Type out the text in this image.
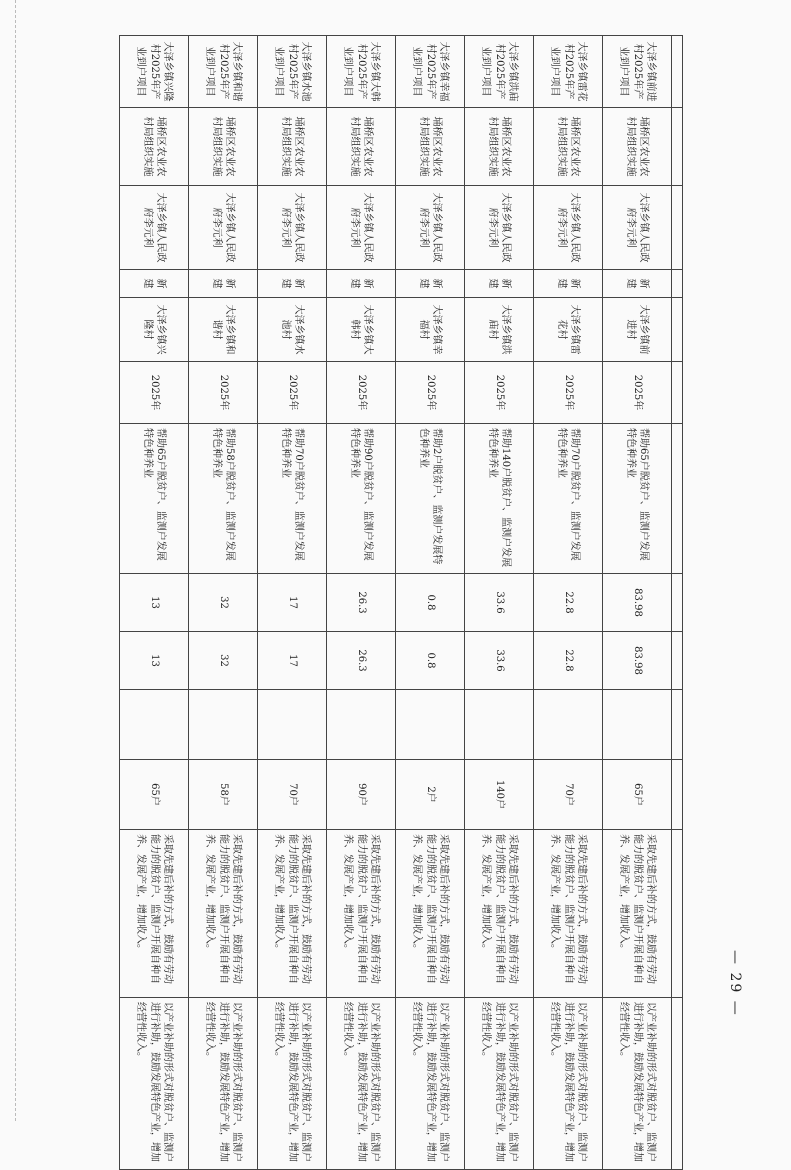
— 29 —

大泽乡镇前进村2025年产业到户项目	埇桥区农业农村局组织实施	大泽乡镇人民政府李元利	新建	大泽乡镇前进村	2025年	帮助65户脱贫户、监测户发展特色种养业	83.98	83.98		65户	采取先建后补的方式，鼓励有劳动能力的脱贫户、监测户开展自种自养、发展产业，增加收入。	以产业补助的形式对脱贫户、监测户进行补助，鼓励发展特色产业，增加经营性收入。
大泽乡镇雷花村2025年产业到户项目	埇桥区农业农村局组织实施	大泽乡镇人民政府李元利	新建	大泽乡镇雷花村	2025年	帮助70户脱贫户、监测户发展特色种养业	22.8	22.8		70户	采取先建后补的方式，鼓励有劳动能力的脱贫户、监测户开展自种自养、发展产业，增加收入。	以产业补助的形式对脱贫户、监测户进行补助，鼓励发展特色产业，增加经营性收入。
大泽乡镇洪庙村2025年产业到户项目	埇桥区农业农村局组织实施	大泽乡镇人民政府李元利	新建	大泽乡镇洪庙村	2025年	帮助140户脱贫户、监测户发展特色种养业	33.6	33.6		140户	采取先建后补的方式，鼓励有劳动能力的脱贫户、监测户开展自种自养、发展产业，增加收入。	以产业补助的形式对脱贫户、监测户进行补助，鼓励发展特色产业，增加经营性收入。
大泽乡镇幸福村2025年产业到户项目	埇桥区农业农村局组织实施	大泽乡镇人民政府李元利	新建	大泽乡镇幸福村	2025年	帮助2户脱贫户、监测户发展特色种养业	0.8	0.8		2户	采取先建后补的方式，鼓励有劳动能力的脱贫户、监测户开展自种自养、发展产业，增加收入。	以产业补助的形式对脱贫户、监测户进行补助，鼓励发展特色产业，增加经营性收入。
大泽乡镇大韩村2025年产业到户项目	埇桥区农业农村局组织实施	大泽乡镇人民政府李元利	新建	大泽乡镇大韩村	2025年	帮助90户脱贫户、监测户发展特色种养业	26.3	26.3		90户	采取先建后补的方式，鼓励有劳动能力的脱贫户、监测户开展自种自养、发展产业，增加收入。	以产业补助的形式对脱贫户、监测户进行补助，鼓励发展特色产业，增加经营性收入。
大泽乡镇水池村2025年产业到户项目	埇桥区农业农村局组织实施	大泽乡镇人民政府李元利	新建	大泽乡镇水池村	2025年	帮助70户脱贫户、监测户发展特色种养业	17	17		70户	采取先建后补的方式，鼓励有劳动能力的脱贫户、监测户开展自种自养、发展产业，增加收入。	以产业补助的形式对脱贫户、监测户进行补助，鼓励发展特色产业，增加经营性收入。
大泽乡镇和谐村2025年产业到户项目	埇桥区农业农村局组织实施	大泽乡镇人民政府李元利	新建	大泽乡镇和谐村	2025年	帮助58户脱贫户、监测户发展特色种养业	32	32		58户	采取先建后补的方式，鼓励有劳动能力的脱贫户、监测户开展自种自养、发展产业，增加收入。	以产业补助的形式对脱贫户、监测户进行补助，鼓励发展特色产业，增加经营性收入。
大泽乡镇兴隆村2025年产业到户项目	埇桥区农业农村局组织实施	大泽乡镇人民政府李元利	新建	大泽乡镇兴隆村	2025年	帮助65户脱贫户、监测户发展特色种养业	13	13		65户	采取先建后补的方式，鼓励有劳动能力的脱贫户、监测户开展自种自养、发展产业，增加收入。	以产业补助的形式对脱贫户、监测户进行补助，鼓励发展特色产业，增加经营性收入。
